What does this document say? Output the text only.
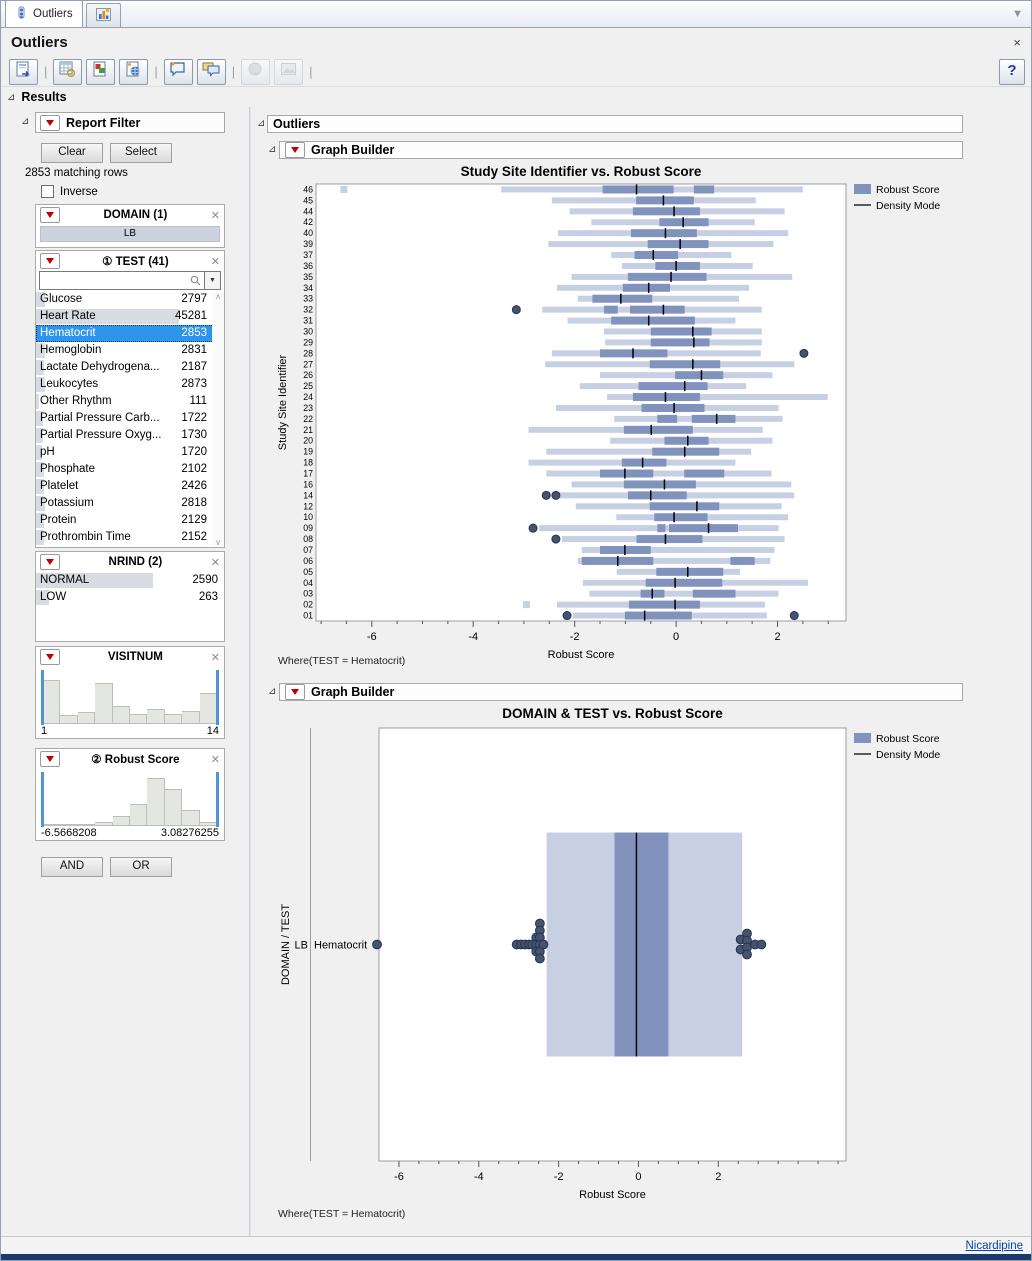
Outliers	▼
Outliers	×
|	|	|	|	?
⊿ Results
⊿	Report Filter
Clear	Select
2853 matching rows
Inverse
DOMAIN (1)	✕
LB
① TEST (41)	✕
▼
Glucose	2797
Heart Rate	45281
Hematocrit	2853
Hemoglobin	2831
Lactate Dehydrogena...	2187
Leukocytes	2873
Other Rhythm	111
Partial Pressure Carb...	1722
Partial Pressure Oxyg...	1730
pH	1720
Phosphate	2102
Platelet	2426
Potassium	2818
Protein	2129
Prothrombin Time	2152
∧
∨
NRIND (2)	✕
NORMAL	2590
LOW	263
VISITNUM	✕
1	14
② Robust Score	✕
-6.5668208	3.08276255
AND	OR
⊿ Outliers
⊿	Graph Builder
Study Site Identifier vs. Robust Score
46
45
44
42
40
39
37
36
35
34
33
32
31
30
29
28
27
26
25
24
23
22
21
20
19
18
17
16
14
12
10
09
08
07
06
05
04
03
02
01
-6	-4	-2	0	2
Robust Score
Study Site Identifier
Robust Score
Density Mode
Where(TEST = Hematocrit)
⊿	Graph Builder
DOMAIN & TEST vs. Robust Score
-6	-4	-2	0	2
Robust Score
LB Hematocrit
DOMAIN / TEST
Robust Score
Density Mode
Where(TEST = Hematocrit)
Nicardipine
